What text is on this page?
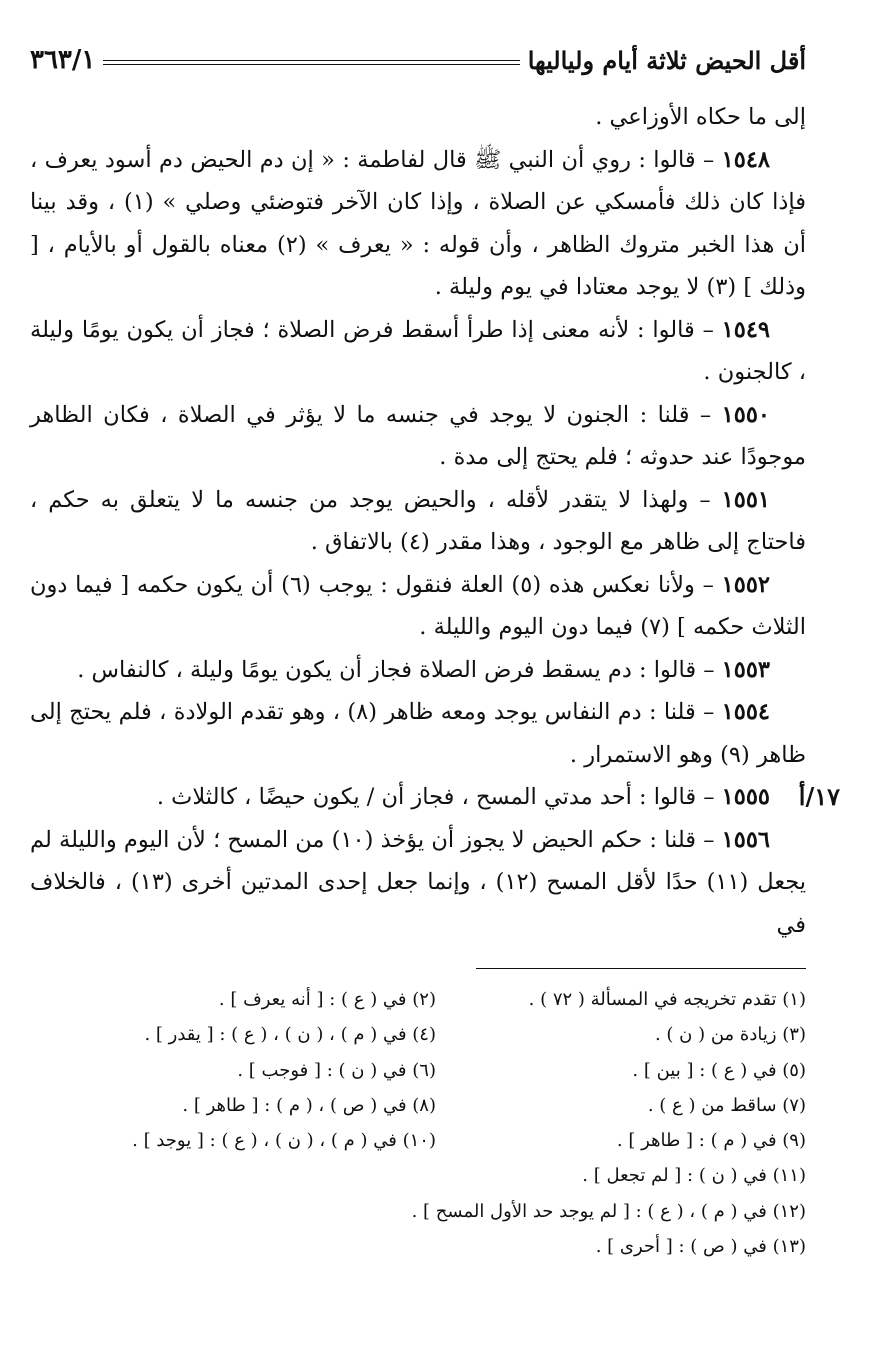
أقل الحيض ثلاثة أيام ولياليها
٣٦٣/١

إلى ما حكاه الأوزاعي .

١٥٤٨ – قالوا : روي أن النبي ﷺ قال لفاطمة : « إن دم الحيض دم أسود يعرف ، فإذا كان ذلك فأمسكي عن الصلاة ، وإذا كان الآخر فتوضئي وصلي » (١) ، وقد بينا أن هذا الخبر متروك الظاهر ، وأن قوله : « يعرف » (٢) معناه بالقول أو بالأيام ، [ وذلك ] (٣) لا يوجد معتادا في يوم وليلة .

١٥٤٩ – قالوا : لأنه معنى إذا طرأ أسقط فرض الصلاة ؛ فجاز أن يكون يومًا وليلة ، كالجنون .

١٥٥٠ – قلنا : الجنون لا يوجد في جنسه ما لا يؤثر في الصلاة ، فكان الظاهر موجودًا عند حدوثه ؛ فلم يحتج إلى مدة .

١٥٥١ – ولهذا لا يتقدر لأقله ، والحيض يوجد من جنسه ما لا يتعلق به حكم ، فاحتاج إلى ظاهر مع الوجود ، وهذا مقدر (٤) بالاتفاق .

١٥٥٢ – ولأنا نعكس هذه (٥) العلة فنقول : يوجب (٦) أن يكون حكمه [ فيما دون الثلاث حكمه ] (٧) فيما دون اليوم والليلة .

١٥٥٣ – قالوا : دم يسقط فرض الصلاة فجاز أن يكون يومًا وليلة ، كالنفاس .

١٥٥٤ – قلنا : دم النفاس يوجد ومعه ظاهر (٨) ، وهو تقدم الولادة ، فلم يحتج إلى ظاهر (٩) وهو الاستمرار .

١٧/أ
١٥٥٥ – قالوا : أحد مدتي المسح ، فجاز أن / يكون حيضًا ، كالثلاث .

١٥٥٦ – قلنا : حكم الحيض لا يجوز أن يؤخذ (١٠) من المسح ؛ لأن اليوم والليلة لم يجعل (١١) حدًا لأقل المسح (١٢) ، وإنما جعل إحدى المدتين أخرى (١٣) ، فالخلاف في

(١) تقدم تخريجه في المسألة ( ٧٢ ) .
(٢) في ( ع ) : [ أنه يعرف ] .
(٣) زيادة من ( ن ) .
(٤) في ( م ) ، ( ن ) ، ( ع ) : [ يقدر ] .
(٥) في ( ع ) : [ بين ] .
(٦) في ( ن ) : [ فوجب ] .
(٧) ساقط من ( ع ) .
(٨) في ( ص ) ، ( م ) : [ طاهر ] .
(٩) في ( م ) : [ طاهر ] .
(١٠) في ( م ) ، ( ن ) ، ( ع ) : [ يوجد ] .
(١١) في ( ن ) : [ لم تجعل ] .
(١٢) في ( م ) ، ( ع ) : [ لم يوجد حد الأول المسح ] .
(١٣) في ( ص ) : [ أحرى ] .
